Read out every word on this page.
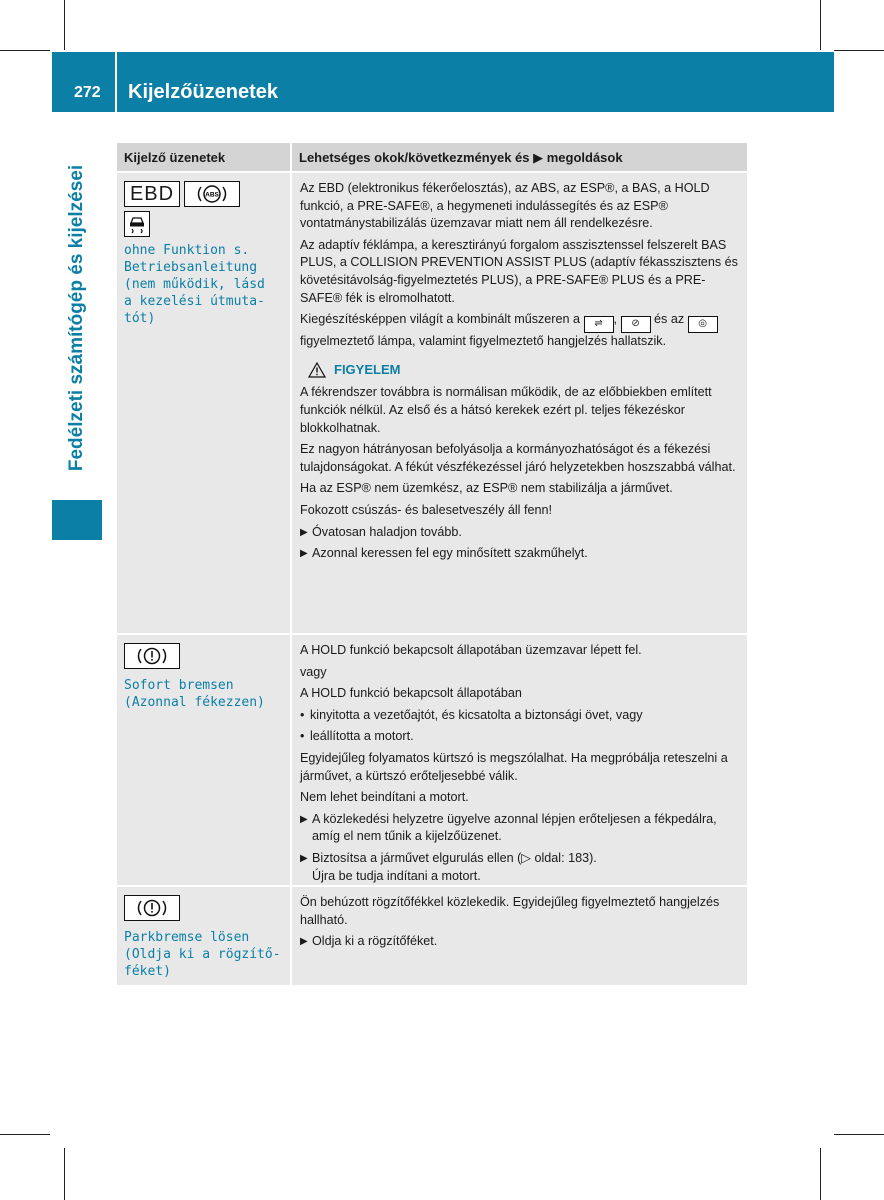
272 Kijelzőüzenetek
Fedélzeti számítógép és kijelzései
Kijelző üzenetek	Lehetséges okok/következmények és ▶ megoldások
EBD	ABS
ohne Funktion s.
Betriebsanleitung
(nem működik, lásd
a kezelési útmuta-
tót)

Az EBD (elektronikus fékerőelosztás), az ABS, az ESP®, a BAS, a HOLD funkció, a PRE-SAFE®, a hegymeneti indulássegítés és az ESP® vontatmánystabilizálás üzemzavar miatt nem áll rendelkezésre.

Az adaptív féklámpa, a keresztirányú forgalom asszisztenssel felszerelt BAS PLUS, a COLLISION PREVENTION ASSIST PLUS (adaptív fékasszisztens és követésitávolság-figyelmeztetés PLUS), a PRE-SAFE® PLUS és a PRE-SAFE® fék is elromolhatott.

Kiegészítésképpen világít a kombinált műszeren a ⇌ , ⊘ és az ◎ figyelmeztető lámpa, valamint figyelmeztető hangjelzés hallatszik.

FIGYELEM

A fékrendszer továbbra is normálisan működik, de az előbbiekben említett funkciók nélkül. Az első és a hátsó kerekek ezért pl. teljes fékezéskor blokkolhatnak.

Ez nagyon hátrányosan befolyásolja a kormányozhatóságot és a fékezési tulajdonságokat. A fékút vészfékezéssel járó helyzetekben hoszszabbá válhat.

Ha az ESP® nem üzemkész, az ESP® nem stabilizálja a járművet.

Fokozott csúszás- és balesetveszély áll fenn!

▶ Óvatosan haladjon tovább.
▶ Azonnal keressen fel egy minősített szakműhelyt.
Sofort bremsen
(Azonnal fékezzen)

A HOLD funkció bekapcsolt állapotában üzemzavar lépett fel.

vagy

A HOLD funkció bekapcsolt állapotában

• kinyitotta a vezetőajtót, és kicsatolta a biztonsági övet, vagy
• leállította a motort.

Egyidejűleg folyamatos kürtszó is megszólalhat. Ha megpróbálja reteszelni a járművet, a kürtszó erőteljesebbé válik.

Nem lehet beindítani a motort.

▶ A közlekedési helyzetre ügyelve azonnal lépjen erőteljesen a fékpedálra, amíg el nem tűnik a kijelzőüzenet.
▶ Biztosítsa a járművet elgurulás ellen (▷ oldal: 183).

Újra be tudja indítani a motort.

Parkbremse lösen
(Oldja ki a rögzítő-
féket)

Ön behúzott rögzítőfékkel közlekedik. Egyidejűleg figyelmeztető hangjelzés hallható.

▶ Oldja ki a rögzítőféket.
